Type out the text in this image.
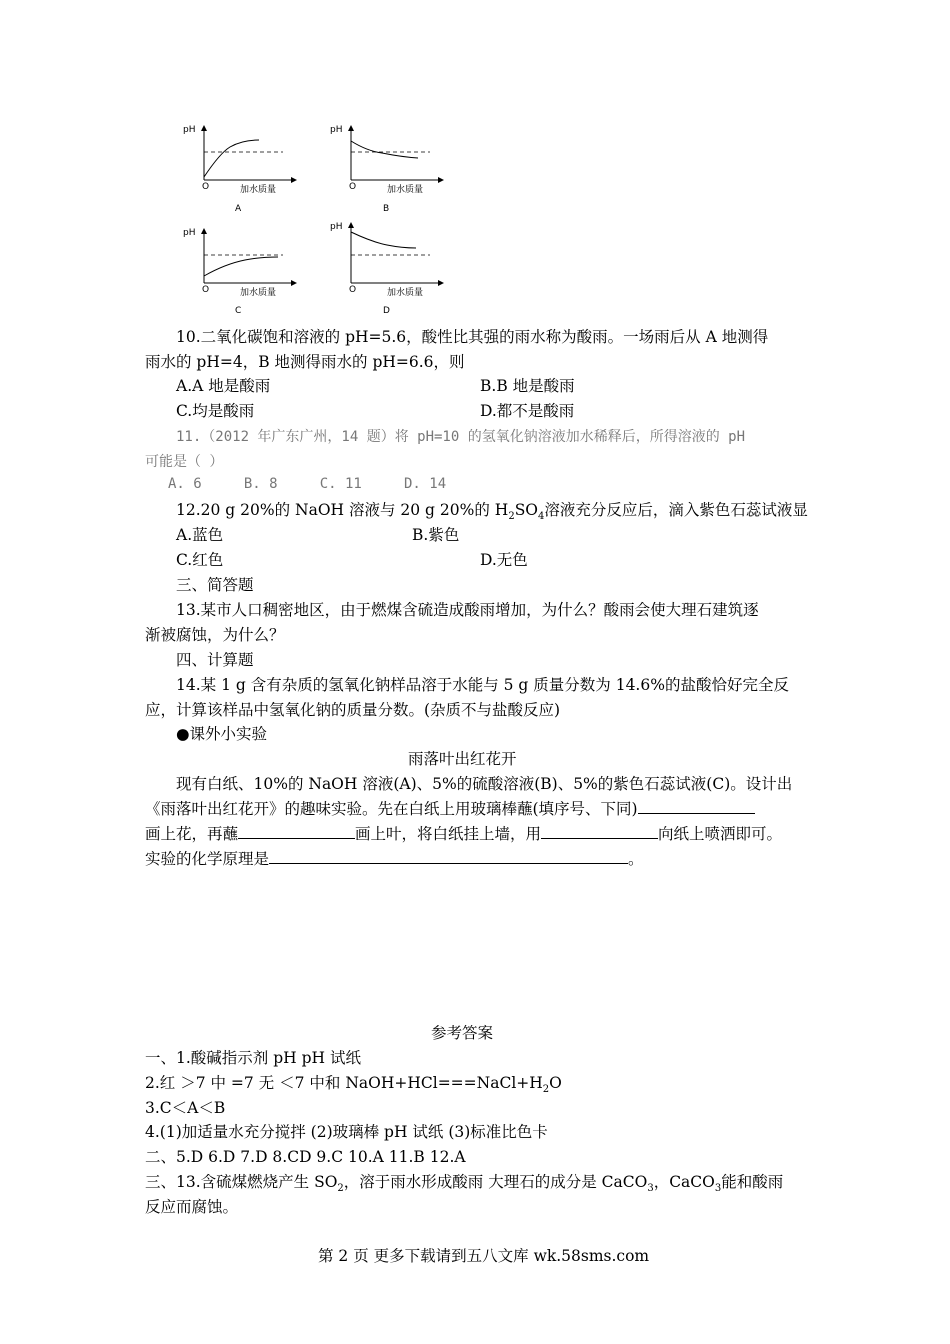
pH
O	加水质量
A
pH
O	加水质量
B
pH
O	加水质量
C
pH
O	加水质量
D
10.二氧化碳饱和溶液的 pH=5.6，酸性比其强的雨水称为酸雨。一场雨后从 A 地测得
雨水的 pH=4，B 地测得雨水的 pH=6.6，则
A.A 地是酸雨	B.B 地是酸雨
C.均是酸雨	D.都不是酸雨
11.（2012 年广东广州，14 题）将 pH=10 的氢氧化钠溶液加水稀释后，所得溶液的 pH
可能是（ ）
A. 6     B. 8     C. 11     D. 14
12.20 g 20%的 NaOH 溶液与 20 g 20%的 $H_2SO_4$溶液充分反应后，滴入紫色石蕊试液显
A.蓝色	B.紫色
C.红色	D.无色
三、简答题
13.某市人口稠密地区，由于燃煤含硫造成酸雨增加，为什么？酸雨会使大理石建筑逐
渐被腐蚀，为什么？
四、计算题
14.某 1 g 含有杂质的氢氧化钠样品溶于水能与 5 g 质量分数为 14.6%的盐酸恰好完全反
应，计算该样品中氢氧化钠的质量分数。(杂质不与盐酸反应)
●课外小实验
雨落叶出红花开
现有白纸、10%的 NaOH 溶液(A)、5%的硫酸溶液(B)、5%的紫色石蕊试液(C)。设计出
《雨落叶出红花开》的趣味实验。先在白纸上用玻璃棒蘸(填序号、下同)
画上花，再蘸	画上叶，将白纸挂上墙，用	向纸上喷洒即可。
实验的化学原理是	。
参考答案
一、1.酸碱指示剂 pH pH 试纸
2.红 ＞7 中 =7 无 ＜7 中和 $NaOH+HCl===NaCl+H_2O$
3.C＜A＜B
4.(1)加适量水充分搅拌 (2)玻璃棒 pH 试纸 (3)标准比色卡
二、5.D 6.D 7.D 8.CD 9.C 10.A 11.B 12.A
三、13.含硫煤燃烧产生 $SO_2$，溶于雨水形成酸雨 大理石的成分是 CaCO$_3$，CaCO$_3$能和酸雨
反应而腐蚀。
第 2 页 更多下载请到五八文库 wk.58sms.com
